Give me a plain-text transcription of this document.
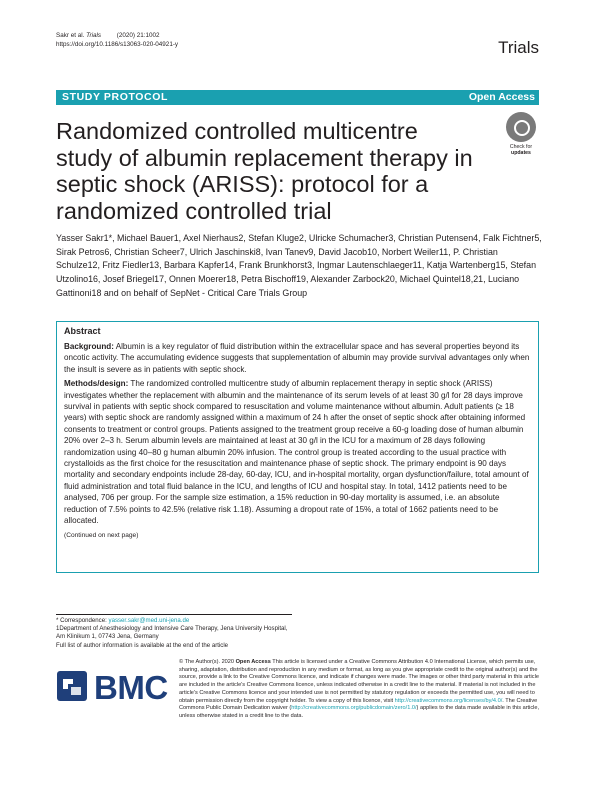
Sakr et al. Trials	(2020) 21:1002
https://doi.org/10.1186/s13063-020-04921-y	Trials
STUDY PROTOCOL	Open Access
Randomized controlled multicentre study of albumin replacement therapy in septic shock (ARISS): protocol for a randomized controlled trial
Check for
updates
Yasser Sakr1*, Michael Bauer1, Axel Nierhaus2, Stefan Kluge2, Ulricke Schumacher3, Christian Putensen4, Falk Fichtner5, Sirak Petros6, Christian Scheer7, Ulrich Jaschinski8, Ivan Tanev9, David Jacob10, Norbert Weiler11, P. Christian Schulze12, Fritz Fiedler13, Barbara Kapfer14, Frank Brunkhorst3, Ingmar Lautenschlaeger11, Katja Wartenberg15, Stefan Utzolino16, Josef Briegel17, Onnen Moerer18, Petra Bischoff19, Alexander Zarbock20, Michael Quintel18,21, Luciano Gattinoni18 and on behalf of SepNet - Critical Care Trials Group
Abstract

Background: Albumin is a key regulator of fluid distribution within the extracellular space and has several properties beyond its oncotic activity. The accumulating evidence suggests that supplementation of albumin may provide survival advantages only when the insult is severe as in patients with septic shock.

Methods/design: The randomized controlled multicentre study of albumin replacement therapy in septic shock (ARISS) investigates whether the replacement with albumin and the maintenance of its serum levels of at least 30 g/l for 28 days improve survival in patients with septic shock compared to resuscitation and volume maintenance without albumin. Adult patients (≥ 18 years) with septic shock are randomly assigned within a maximum of 24 h after the onset of septic shock after obtaining informed consents to treatment or control groups. Patients assigned to the treatment group receive a 60-g loading dose of human albumin 20% over 2–3 h. Serum albumin levels are maintained at least at 30 g/l in the ICU for a maximum of 28 days following randomization using 40–80 g human albumin 20% infusion. The control group is treated according to the usual practice with crystalloids as the first choice for the resuscitation and maintenance phase of septic shock. The primary endpoint is 90 days mortality and secondary endpoints include 28-day, 60-day, ICU, and in-hospital mortality, organ dysfunction/failure, total amount of fluid administration and total fluid balance in the ICU, and lengths of ICU and hospital stay. In total, 1412 patients need to be analysed, 706 per group. For the sample size estimation, a 15% reduction in 90-day mortality is assumed, i.e. an absolute reduction of 7.5% points to 42.5% (relative risk 1.18). Assuming a dropout rate of 15%, a total of 1662 patients need to be allocated.

(Continued on next page)

* Correspondence: yasser.sakr@med.uni-jena.de
1Department of Anesthesiology and Intensive Care Therapy, Jena University Hospital, Am Klinikum 1, 07743 Jena, Germany
Full list of author information is available at the end of the article
BMC
© The Author(s). 2020 Open Access This article is licensed under a Creative Commons Attribution 4.0 International License, which permits use, sharing, adaptation, distribution and reproduction in any medium or format, as long as you give appropriate credit to the original author(s) and the source, provide a link to the Creative Commons licence, and indicate if changes were made. The images or other third party material in this article are included in the article's Creative Commons licence, unless indicated otherwise in a credit line to the material. If material is not included in the article's Creative Commons licence and your intended use is not permitted by statutory regulation or exceeds the permitted use, you will need to obtain permission directly from the copyright holder. To view a copy of this licence, visit http://creativecommons.org/licenses/by/4.0/. The Creative Commons Public Domain Dedication waiver (http://creativecommons.org/publicdomain/zero/1.0/) applies to the data made available in this article, unless otherwise stated in a credit line to the data.
